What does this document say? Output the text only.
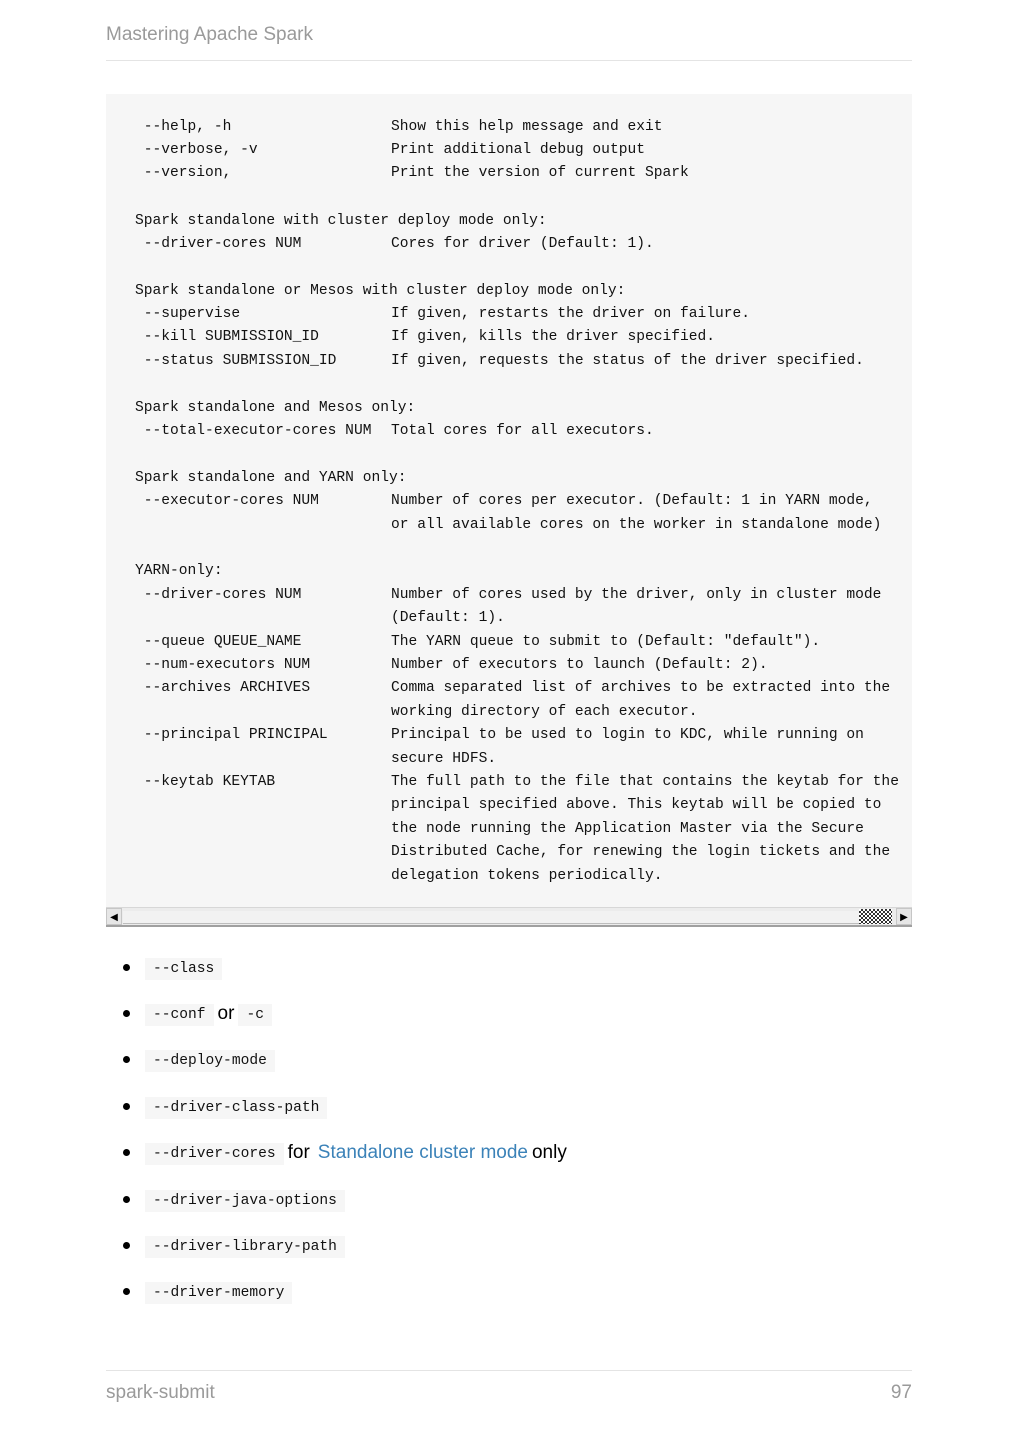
Mastering Apache Spark
--help, -h	Show this help message and exit
--verbose, -v	Print additional debug output
--version,	Print the version of current Spark
Spark standalone with cluster deploy mode only:
--driver-cores NUM	Cores for driver (Default: 1).
Spark standalone or Mesos with cluster deploy mode only:
--supervise	If given, restarts the driver on failure.
--kill SUBMISSION_ID	If given, kills the driver specified.
--status SUBMISSION_ID	If given, requests the status of the driver specified.
Spark standalone and Mesos only:
--total-executor-cores NUM Total cores for all executors.
Spark standalone and YARN only:
--executor-cores NUM	Number of cores per executor. (Default: 1 in YARN mode,
or all available cores on the worker in standalone mode)
YARN-only:
--driver-cores NUM	Number of cores used by the driver, only in cluster mode
(Default: 1).
--queue QUEUE_NAME	The YARN queue to submit to (Default: "default").
--num-executors NUM	Number of executors to launch (Default: 2).
--archives ARCHIVES	Comma separated list of archives to be extracted into the
working directory of each executor.
--principal PRINCIPAL	Principal to be used to login to KDC, while running on
secure HDFS.
--keytab KEYTAB	The full path to the file that contains the keytab for the
principal specified above. This keytab will be copied to
the node running the Application Master via the Secure
Distributed Cache, for renewing the login tickets and the
delegation tokens periodically.
◀	▶
--class
--conf or -c
--deploy-mode
--driver-class-path
--driver-cores for Standalone cluster mode only
--driver-java-options
--driver-library-path
--driver-memory
spark-submit	97
